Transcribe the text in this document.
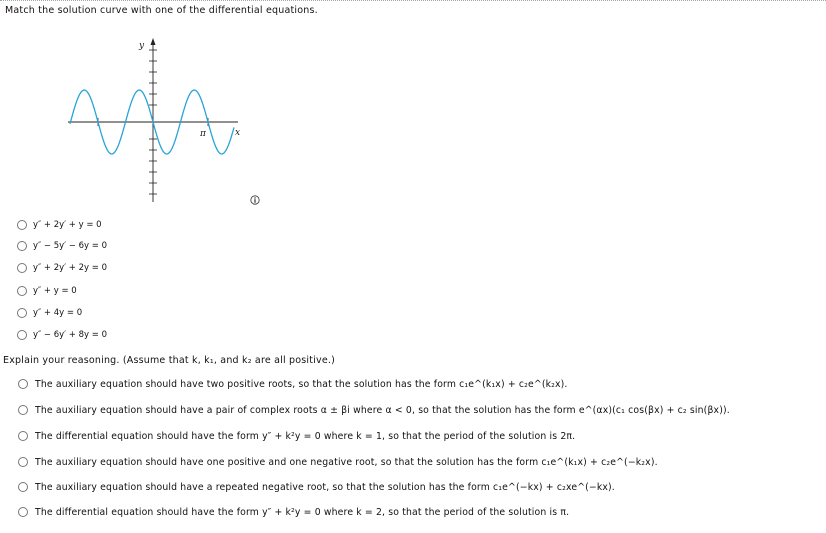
Match the solution curve with one of the differential equations.
y
x
π
y″ + 2y′ + y = 0
y″ − 5y′ − 6y = 0
y″ + 2y′ + 2y = 0
y″ + y = 0
y″ + 4y = 0
y″ − 6y′ + 8y = 0
Explain your reasoning. (Assume that k, k₁, and k₂ are all positive.)
The auxiliary equation should have two positive roots, so that the solution has the form c₁e^(k₁x) + c₂e^(k₂x).
The auxiliary equation should have a pair of complex roots α ± βi where α < 0, so that the solution has the form e^(αx)(c₁ cos(βx) + c₂ sin(βx)).
The differential equation should have the form y″ + k²y = 0 where k = 1, so that the period of the solution is 2π.
The auxiliary equation should have one positive and one negative root, so that the solution has the form c₁e^(k₁x) + c₂e^(−k₂x).
The auxiliary equation should have a repeated negative root, so that the solution has the form c₁e^(−kx) + c₂xe^(−kx).
The differential equation should have the form y″ + k²y = 0 where k = 2, so that the period of the solution is π.
